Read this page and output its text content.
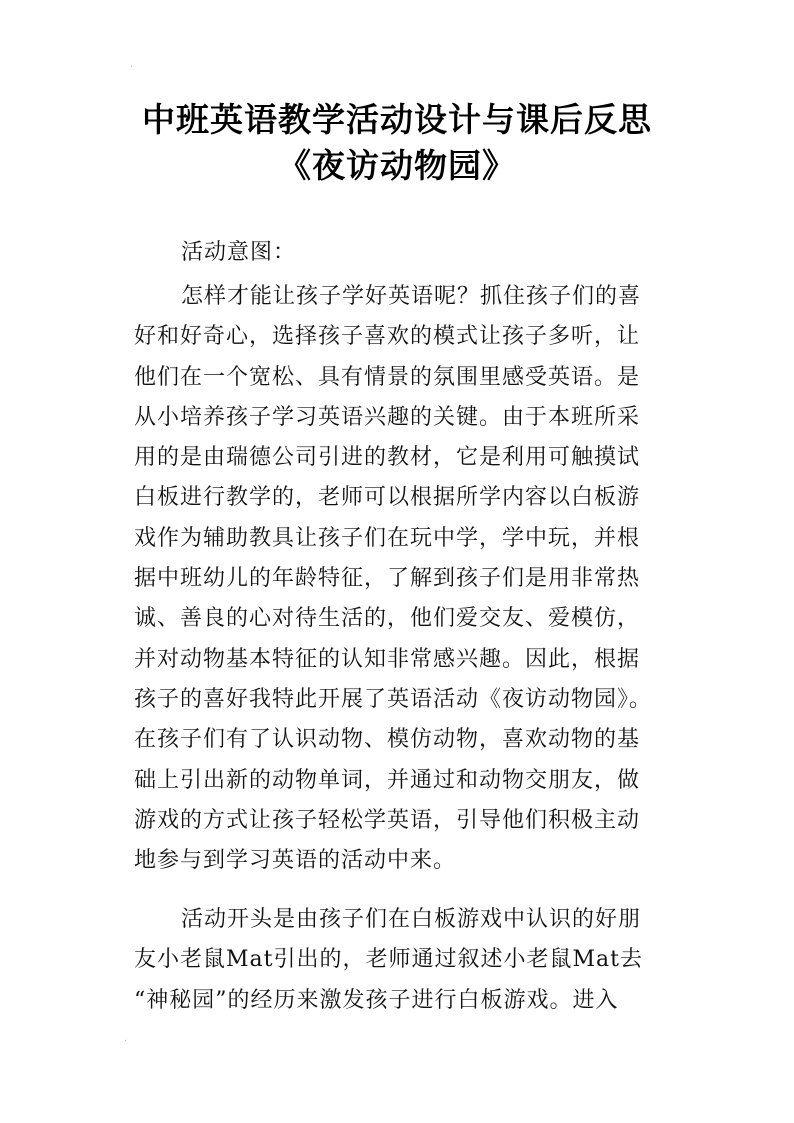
·
中班英语教学活动设计与课后反思
《夜访动物园》
活动意图：
怎样才能让孩子学好英语呢？抓住孩子们的喜
好和好奇心，选择孩子喜欢的模式让孩子多听，让
他们在一个宽松、具有情景的氛围里感受英语。是
从小培养孩子学习英语兴趣的关键。由于本班所采
用的是由瑞德公司引进的教材，它是利用可触摸试
白板进行教学的，老师可以根据所学内容以白板游
戏作为辅助教具让孩子们在玩中学，学中玩，并根
据中班幼儿的年龄特征，了解到孩子们是用非常热
诚、善良的心对待生活的，他们爱交友、爱模仿，
并对动物基本特征的认知非常感兴趣。因此，根据
孩子的喜好我特此开展了英语活动《夜访动物园》。
在孩子们有了认识动物、模仿动物，喜欢动物的基
础上引出新的动物单词，并通过和动物交朋友，做
游戏的方式让孩子轻松学英语，引导他们积极主动
地参与到学习英语的活动中来。
活动开头是由孩子们在白板游戏中认识的好朋
友小老鼠Mat引出的，老师通过叙述小老鼠Mat去
“神秘园”的经历来激发孩子进行白板游戏。进入
·
